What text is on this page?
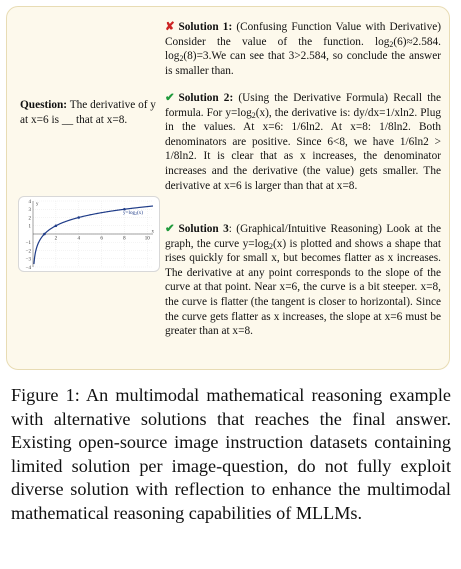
Question: The derivative of y at x=6 is __ that at x=8.
2	4	6	8	10
4
3
2
1
−1
−2
−3
−4
y
x
$y=\log_2(x)$
✘ Solution 1: (Confusing Function Value with Derivative) Consider the value of the function. $\log_2(6)\approx 2.584$. $\log_2(8)=3.We$ can see that 3>2.584, so conclude the answer is smaller than.
✔ Solution 2: (Using the Derivative Formula) Recall the formula. For $y=\log_2(x)$, the derivative is: dy/dx=1/xln2. Plug in the values. At x=6: 1/6ln2. At x=8: 1/8ln2. Both denominators are positive. Since 6<8, we have 1/6ln2 > 1/8ln2. It is clear that as x increases, the denominator increases and the derivative (the value) gets smaller. The derivative at x=6 is larger than that at x=8.
✔ Solution 3: (Graphical/Intuitive Reasoning) Look at the graph, the curve $y=\log_2(x)$ is plotted and shows a shape that rises quickly for small x, but becomes flatter as x increases. The derivative at any point corresponds to the slope of the curve at that point. Near x=6, the curve is a bit steeper. x=8, the curve is flatter (the tangent is closer to horizontal). Since the curve gets flatter as x increases, the slope at x=6 must be greater than at x=8.
Figure 1: An multimodal mathematical reasoning example with alternative solutions that reaches the final answer. Existing open-source image instruction datasets containing limited solution per image-question, do not fully exploit diverse solution with reflection to enhance the multimodal mathematical reasoning capabilities of MLLMs.
